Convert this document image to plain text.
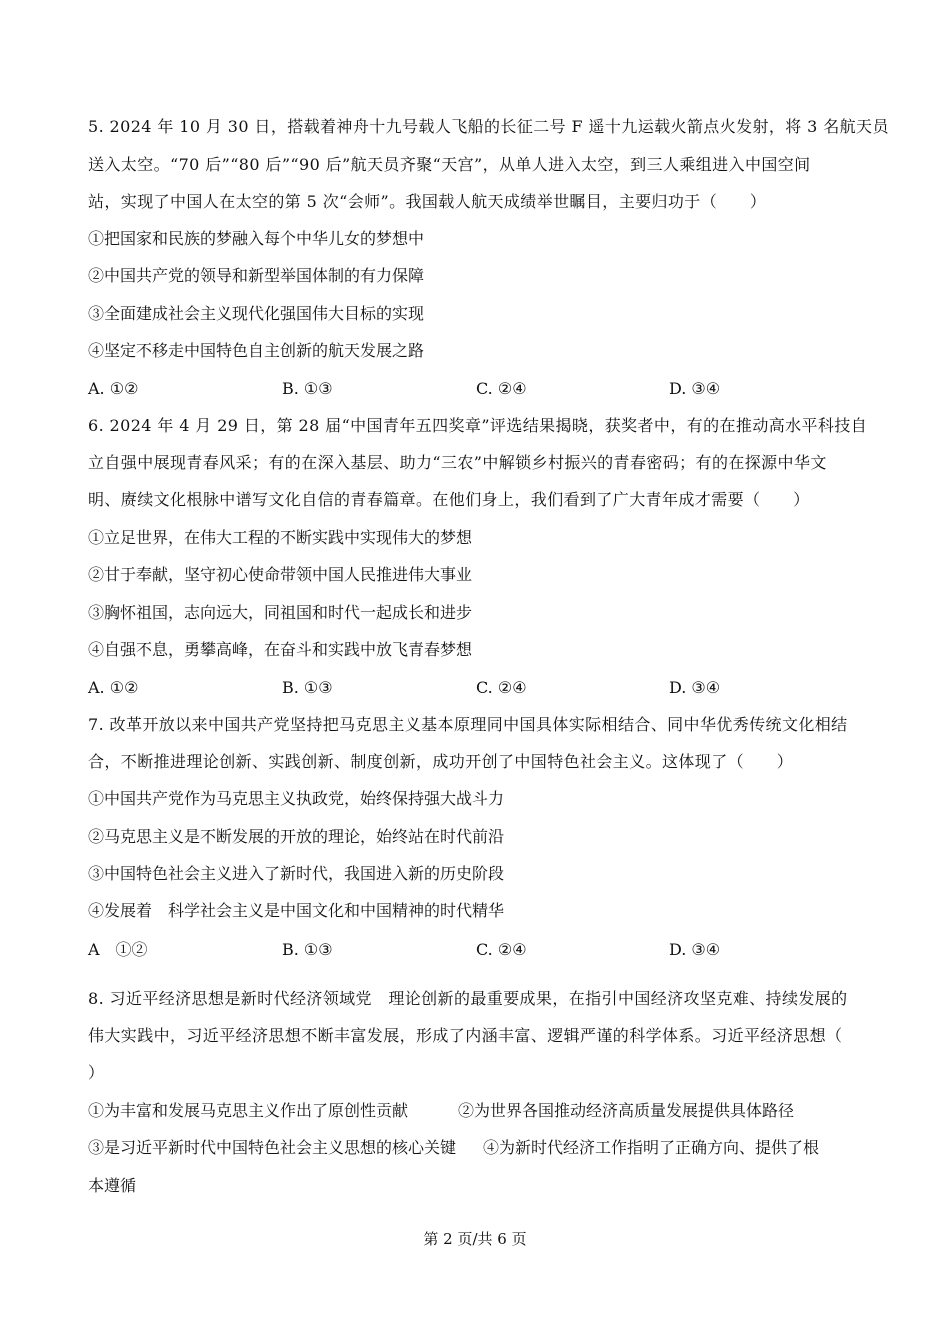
5. 2024 年 10 月 30 日，搭载着神舟十九号载人飞船的长征二号 F 遥十九运载火箭点火发射，将 3 名航天员
送入太空。“70 后”“80 后”“90 后”航天员齐聚“天宫”，从单人进入太空，到三人乘组进入中国空间
站，实现了中国人在太空的第 5 次“会师”。我国载人航天成绩举世瞩目，主要归功于（　　）
①把国家和民族的梦融入每个中华儿女的梦想中
②中国共产党的领导和新型举国体制的有力保障
③全面建成社会主义现代化强国伟大目标的实现
④坚定不移走中国特色自主创新的航天发展之路
A. ①②	B. ①③	C. ②④	D. ③④
6. 2024 年 4 月 29 日，第 28 届“中国青年五四奖章”评选结果揭晓，获奖者中，有的在推动高水平科技自
立自强中展现青春风采；有的在深入基层、助力“三农”中解锁乡村振兴的青春密码；有的在探源中华文
明、赓续文化根脉中谱写文化自信的青春篇章。在他们身上，我们看到了广大青年成才需要（　　）
①立足世界，在伟大工程的不断实践中实现伟大的梦想
②甘于奉献，坚守初心使命带领中国人民推进伟大事业
③胸怀祖国，志向远大，同祖国和时代一起成长和进步
④自强不息，勇攀高峰，在奋斗和实践中放飞青春梦想
A. ①②	B. ①③	C. ②④	D. ③④
7. 改革开放以来中国共产党坚持把马克思主义基本原理同中国具体实际相结合、同中华优秀传统文化相结
合，不断推进理论创新、实践创新、制度创新，成功开创了中国特色社会主义。这体现了（　　）
①中国共产党作为马克思主义执政党，始终保持强大战斗力
②马克思主义是不断发展的开放的理论，始终站在时代前沿
③中国特色社会主义进入了新时代，我国进入新的历史阶段
④发展着　科学社会主义是中国文化和中国精神的时代精华
A　①②	B. ①③	C. ②④	D. ③④
8. 习近平经济思想是新时代经济领域党　理论创新的最重要成果，在指引中国经济攻坚克难、持续发展的
伟大实践中，习近平经济思想不断丰富发展，形成了内涵丰富、逻辑严谨的科学体系。习近平经济思想（
）
①为丰富和发展马克思主义作出了原创性贡献	②为世界各国推动经济高质量发展提供具体路径
③是习近平新时代中国特色社会主义思想的核心关键 ④为新时代经济工作指明了正确方向、提供了根
本遵循
第 2 页/共 6 页
